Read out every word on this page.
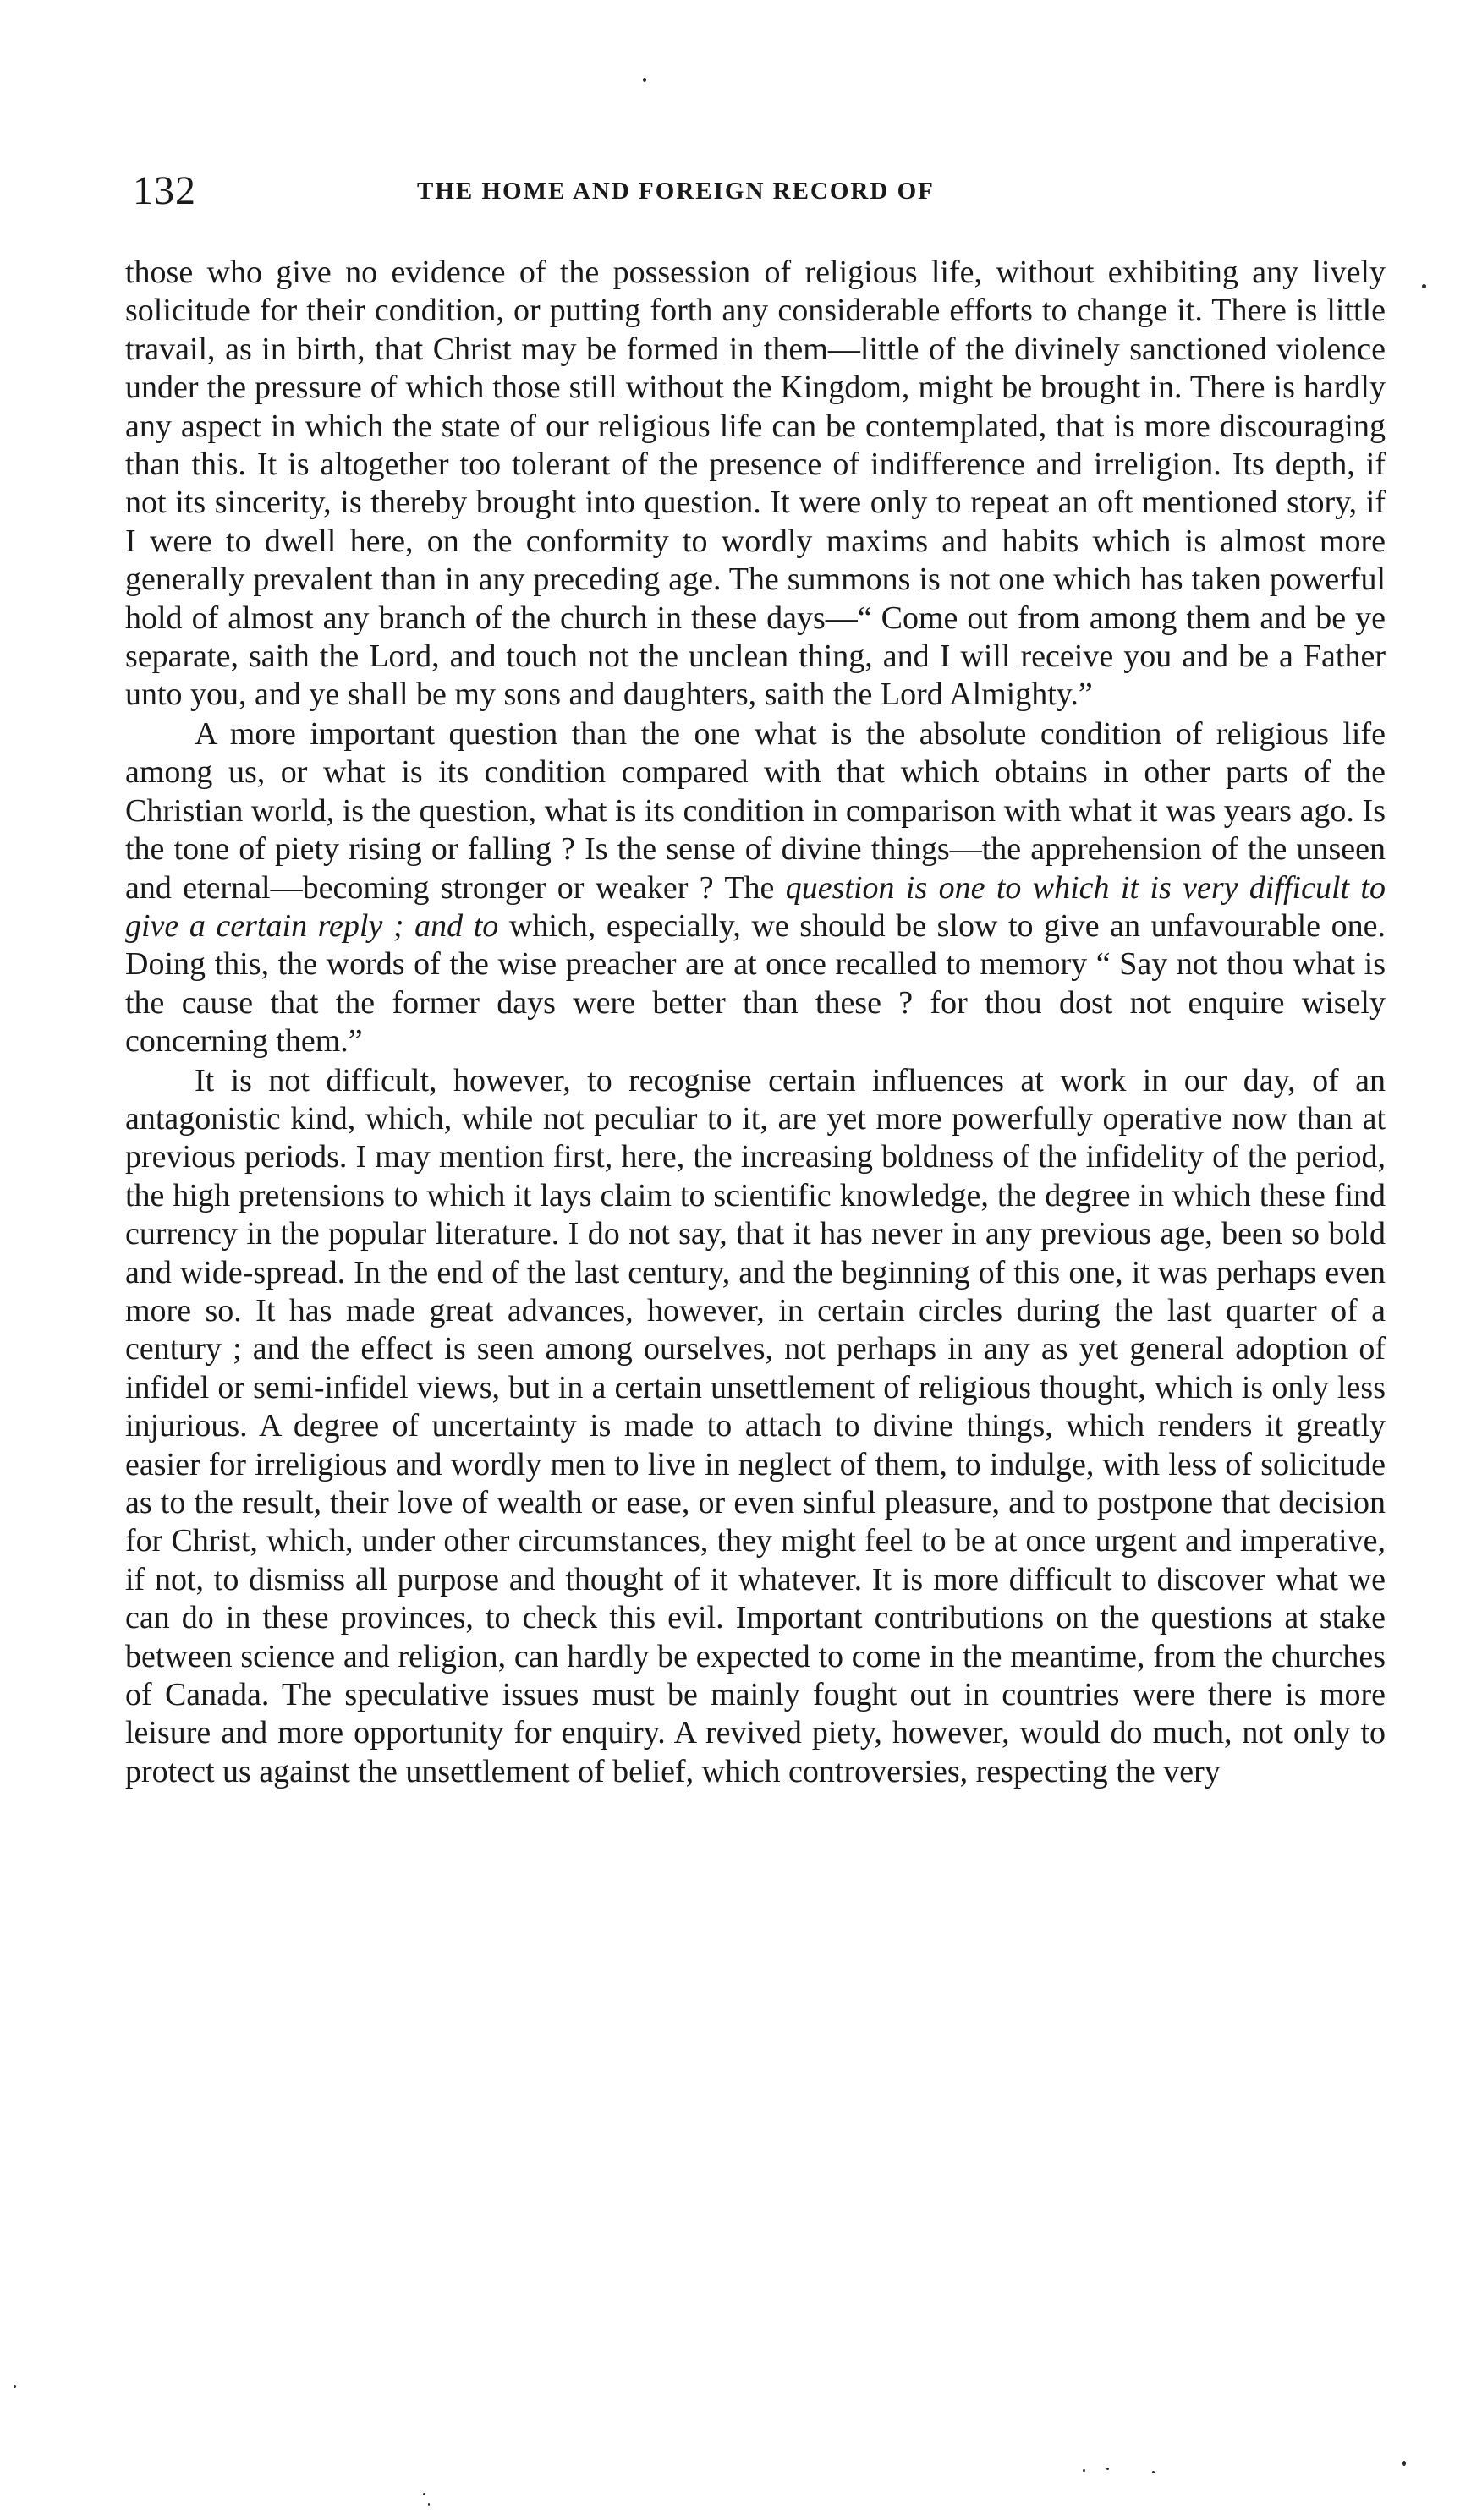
132	THE HOME AND FOREIGN RECORD OF

those who give no evidence of the possession of religious life, without exhibiting any lively solicitude for their condition, or putting forth any considerable efforts to change it. There is little travail, as in birth, that Christ may be formed in them—little of the divinely sanctioned violence under the pressure of which those still without the Kingdom, might be brought in. There is hardly any aspect in which the state of our religious life can be contemplated, that is more discouraging than this. It is altogether too tolerant of the presence of indifference and irreligion. Its depth, if not its sincerity, is thereby brought into question. It were only to repeat an oft mentioned story, if I were to dwell here, on the conformity to wordly maxims and habits which is almost more generally prevalent than in any preceding age. The summons is not one which has taken powerful hold of almost any branch of the church in these days—“ Come out from among them and be ye separate, saith the Lord, and touch not the unclean thing, and I will receive you and be a Father unto you, and ye shall be my sons and daughters, saith the Lord Almighty.”

A more important question than the one what is the absolute condition of religious life among us, or what is its condition compared with that which obtains in other parts of the Christian world, is the question, what is its condition in comparison with what it was years ago. Is the tone of piety rising or falling ? Is the sense of divine things—the apprehension of the unseen and eternal—becoming stronger or weaker ? The question is one to which it is very difficult to give a certain reply ; and to which, especially, we should be slow to give an unfavourable one. Doing this, the words of the wise preacher are at once recalled to memory “ Say not thou what is the cause that the former days were better than these ? for thou dost not enquire wisely concerning them.”

It is not difficult, however, to recognise certain influences at work in our day, of an antagonistic kind, which, while not peculiar to it, are yet more powerfully operative now than at previous periods. I may mention first, here, the increasing boldness of the infidelity of the period, the high pretensions to which it lays claim to scientific knowledge, the degree in which these find currency in the popular literature. I do not say, that it has never in any previous age, been so bold and wide-spread. In the end of the last century, and the beginning of this one, it was perhaps even more so. It has made great advances, however, in certain circles during the last quarter of a century ; and the effect is seen among ourselves, not perhaps in any as yet general adoption of infidel or semi-infidel views, but in a certain unsettlement of religious thought, which is only less injurious. A degree of uncertainty is made to attach to divine things, which renders it greatly easier for irreligious and wordly men to live in neglect of them, to indulge, with less of solicitude as to the result, their love of wealth or ease, or even sinful pleasure, and to postpone that decision for Christ, which, under other circumstances, they might feel to be at once urgent and imperative, if not, to dismiss all purpose and thought of it whatever. It is more difficult to discover what we can do in these provinces, to check this evil. Important contributions on the questions at stake between science and religion, can hardly be expected to come in the meantime, from the churches of Canada. The speculative issues must be mainly fought out in countries were there is more leisure and more opportunity for enquiry. A revived piety, however, would do much, not only to protect us against the unsettlement of belief, which controversies, respecting the very
